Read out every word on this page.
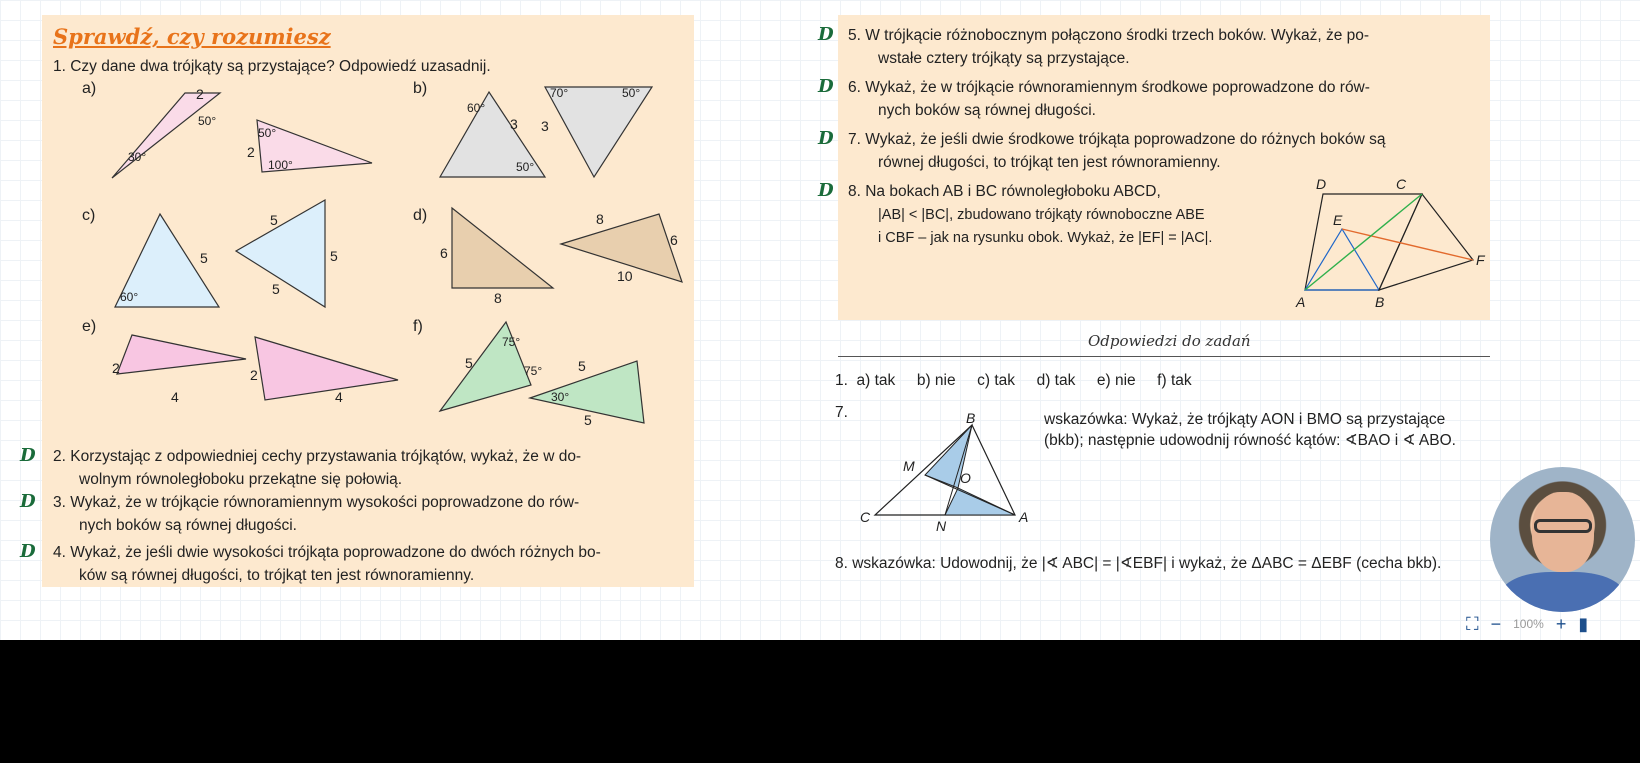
Sprawdź, czy rozumiesz
1. Czy dane dwa trójkąty są przystające? Odpowiedź uzasadnij.
a)	b)
c)	d)
e)	f)
2
50°
30°
50°
2
100°
60°
3
50°
70°	50°
3
5
5
60°
5
5
6
8
8
6
10
2
4
2
4
75°
5	75°	5
30°
5
D 2. Korzystając z odpowiedniej cechy przystawania trójkątów, wykaż, że w do-
wolnym równoległoboku przekątne się połowią.
D 3. Wykaż, że w trójkącie równoramiennym wysokości poprowadzone do rów-
nych boków są równej długości.
D 4. Wykaż, że jeśli dwie wysokości trójkąta poprowadzone do dwóch różnych bo-
ków są równej długości, to trójkąt ten jest równoramienny.
D 5. W trójkącie różnobocznym połączono środki trzech boków. Wykaż, że po-
wstałe cztery trójkąty są przystające.
D 6. Wykaż, że w trójkącie równoramiennym środkowe poprowadzone do rów-
nych boków są równej długości.
D 7. Wykaż, że jeśli dwie środkowe trójkąta poprowadzone do różnych boków są
równej długości, to trójkąt ten jest równoramienny.
D 8. Na bokach AB i BC równoległoboku ABCD,
|AB| < |BC|, zbudowano trójkąty równoboczne ABE
i CBF – jak na rysunku obok. Wykaż, że |EF| = |AC|.
D	C
E
F
A	B
Odpowiedzi do zadań
1.  a) tak     b) nie     c) tak     d) tak     e) nie     f) tak
7.	wskazówka: Wykaż, że trójkąty AON i BMO są przystające
(bkb); następnie udowodnij równość kątów: ∢BAO i ∢ ABO.
B
M
O
C
N
A
8. wskazówka: Udowodnij, że |∢ ABC| = |∢EBF| i wykaż, że ΔABC = ΔEBF (cecha bkb).
⛶ − 100% + ▮
